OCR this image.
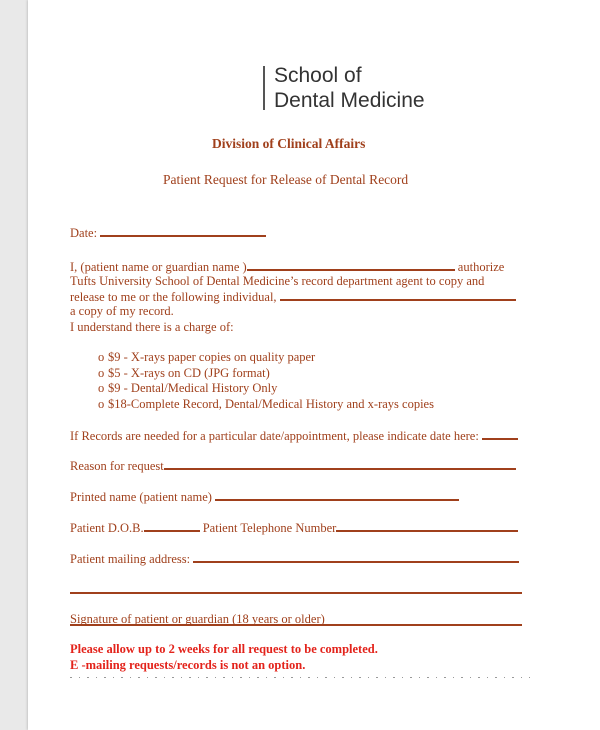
School of
Dental Medicine
Division of Clinical Affairs
Patient Request for Release of Dental Record
Date:
I, (patient name or guardian name )	authorize
Tufts University School of Dental Medicine’s record department agent to copy and
release to me or the following individual,
a copy of my record.
I understand there is a charge of:
o $9 - X-rays paper copies on quality paper
o $5 - X-rays on CD (JPG format)
o $9 - Dental/Medical History Only
o $18-Complete Record, Dental/Medical History and x-rays copies
If Records are needed for a particular date/appointment, please indicate date here:
Reason for request
Printed name (patient name)
Patient D.O.B.	Patient Telephone Number
Patient mailing address:
Signature of patient or guardian (18 years or older)
Please allow up to 2 weeks for all request to be completed.
E -mailing requests/records is not an option.
